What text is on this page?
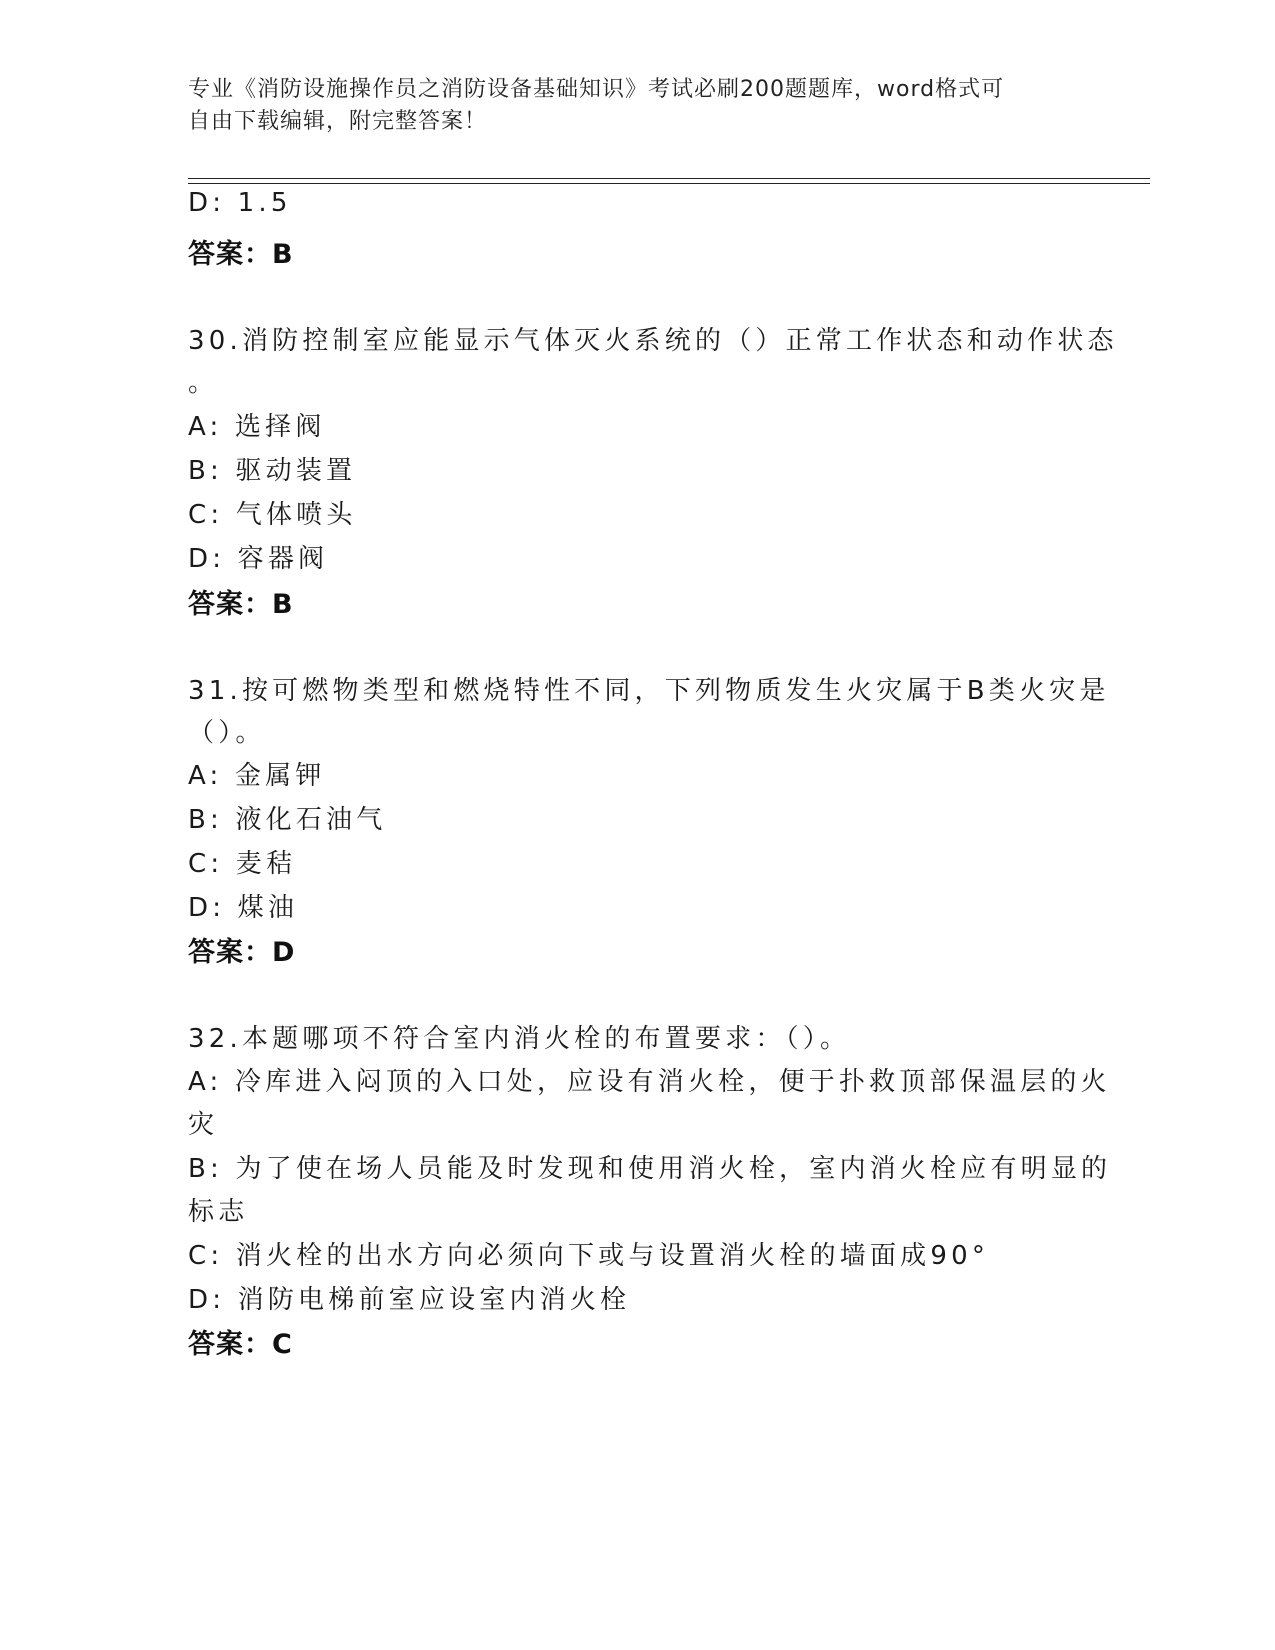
专业《消防设施操作员之消防设备基础知识》考试必刷200题题库，word格式可
自由下载编辑，附完整答案！
D: 1.5
答案：B
30.消防控制室应能显示气体灭火系统的（）正常工作状态和动作状态
。
A: 选择阀
B: 驱动装置
C: 气体喷头
D: 容器阀
答案：B
31.按可燃物类型和燃烧特性不同，下列物质发生火灾属于B类火灾是
（）。
A: 金属钾
B: 液化石油气
C: 麦秸
D: 煤油
答案：D
32.本题哪项不符合室内消火栓的布置要求：（）。
A: 冷库进入闷顶的入口处，应设有消火栓，便于扑救顶部保温层的火
灾
B: 为了使在场人员能及时发现和使用消火栓，室内消火栓应有明显的
标志
C: 消火栓的出水方向必须向下或与设置消火栓的墙面成90°
D: 消防电梯前室应设室内消火栓
答案：C
